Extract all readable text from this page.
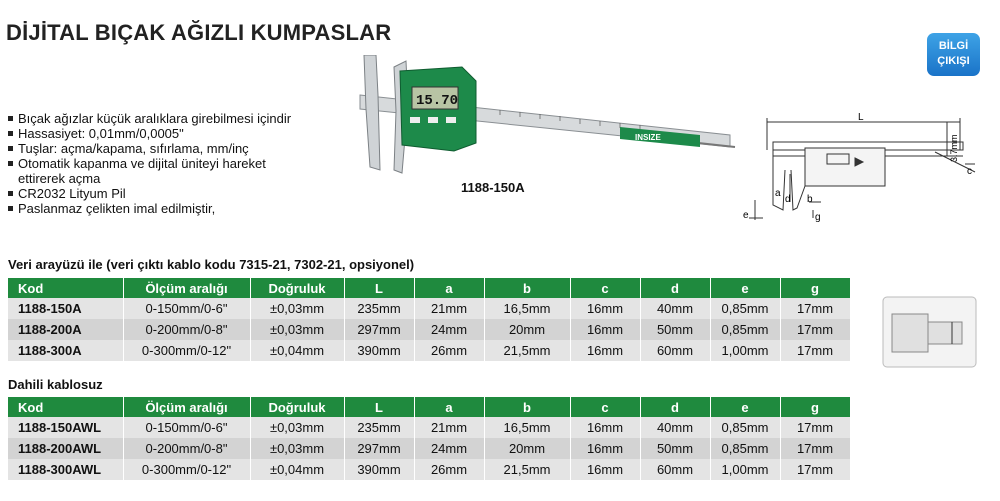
DİJİTAL BIÇAK AĞIZLI KUMPASLAR
BİLGİ
ÇIKIŞI
Bıçak ağızlar küçük aralıklara girebilmesi içindir
Hassasiyet: 0,01mm/0,0005"
Tuşlar: açma/kapama, sıfırlama, mm/inç
Otomatik kapanma ve dijital üniteyi hareket ettirerek açma
CR2032 Lityum Pil
Paslanmaz çelikten imal edilmiştir,
15.70
INSIZE
1188-150A
L
3.7mm
c
d
a
b
e	g
Veri arayüzü ile (veri çıktı kablo kodu 7315-21, 7302-21, opsiyonel)
Kod	Ölçüm aralığı	Doğruluk	L	a	b	c	d	e	g
1188-150A	0-150mm/0-6"	±0,03mm	235mm	21mm	16,5mm	16mm	40mm	0,85mm	17mm
1188-200A	0-200mm/0-8"	±0,03mm	297mm	24mm	20mm	16mm	50mm	0,85mm	17mm
1188-300A	0-300mm/0-12"	±0,04mm	390mm	26mm	21,5mm	16mm	60mm	1,00mm	17mm
Dahili kablosuz
Kod	Ölçüm aralığı	Doğruluk	L	a	b	c	d	e	g
1188-150AWL	0-150mm/0-6"	±0,03mm	235mm	21mm	16,5mm	16mm	40mm	0,85mm	17mm
1188-200AWL	0-200mm/0-8"	±0,03mm	297mm	24mm	20mm	16mm	50mm	0,85mm	17mm
1188-300AWL	0-300mm/0-12"	±0,04mm	390mm	26mm	21,5mm	16mm	60mm	1,00mm	17mm
